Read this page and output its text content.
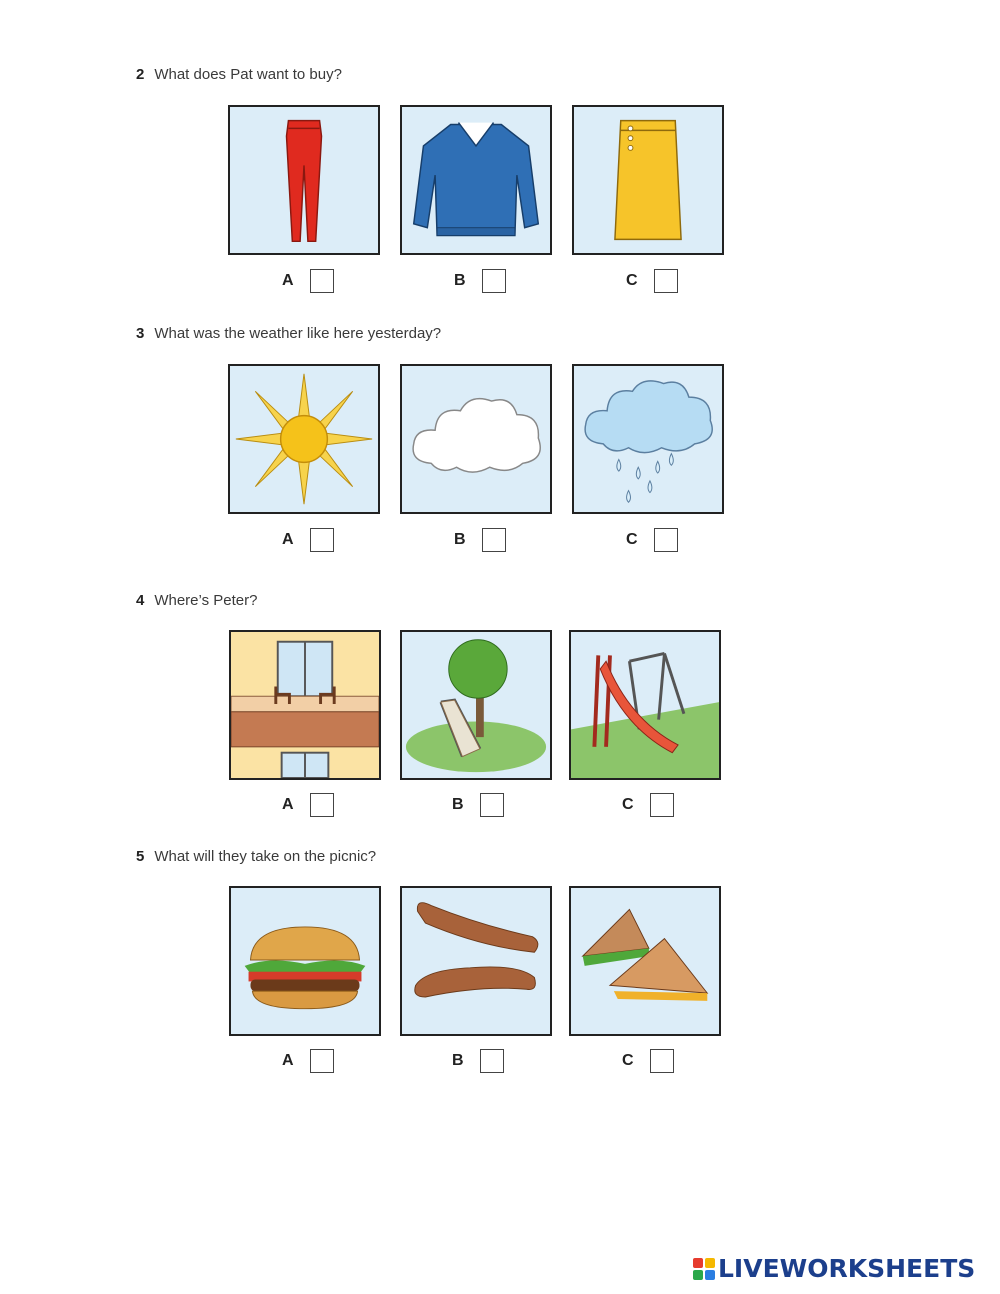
2 What does Pat want to buy?
A	B	C
3 What was the weather like here yesterday?
A	B	C
4 Where’s Peter?
A	B	C
5 What will they take on the picnic?
A	B	C
LIVEWORKSHEETS
